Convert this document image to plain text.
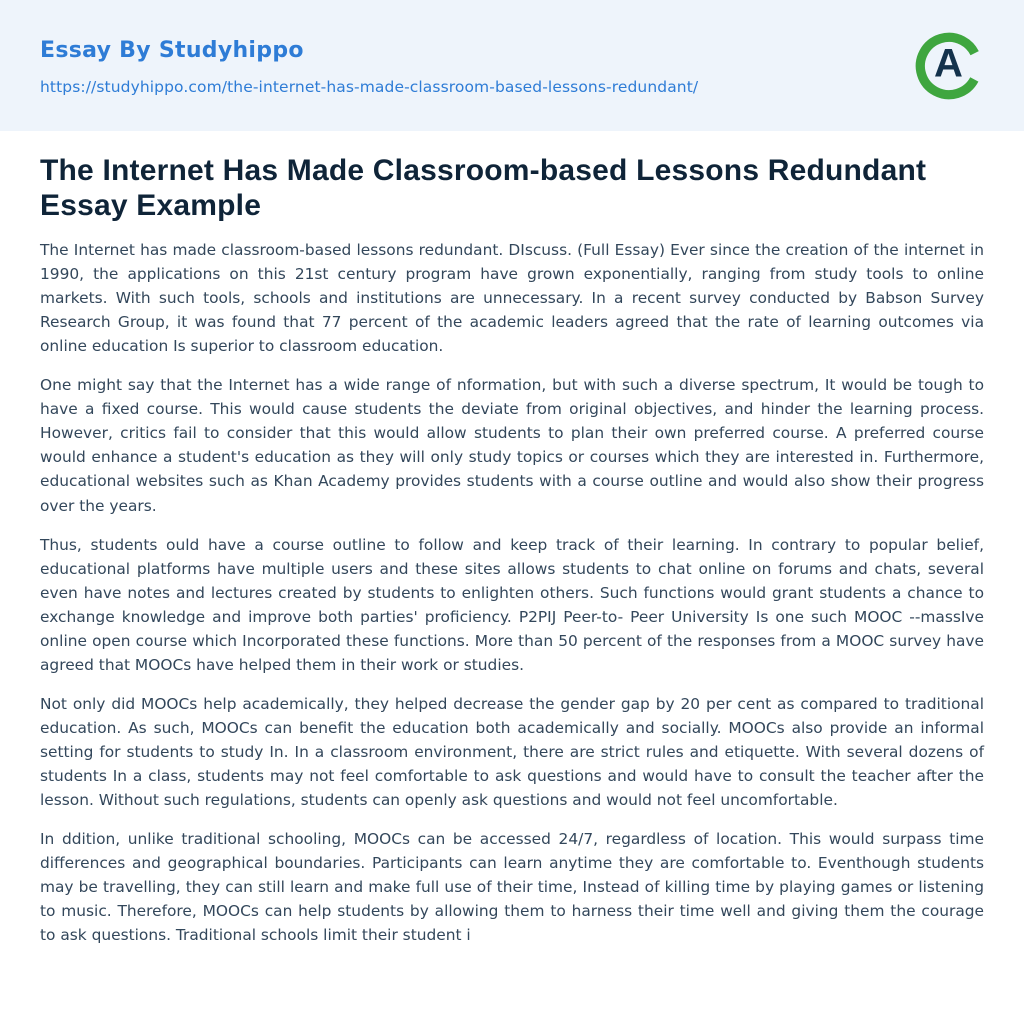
Essay By Studyhippo
https://studyhippo.com/the-internet-has-made-classroom-based-lessons-redundant/
A
The Internet Has Made Classroom-based Lessons Redundant Essay Example

The Internet has made classroom-based lessons redundant. DIscuss. (Full Essay) Ever since the creation of the internet in 1990, the applications on this 21st century program have grown exponentially, ranging from study tools to online markets. With such tools, schools and institutions are unnecessary. In a recent survey conducted by Babson Survey Research Group, it was found that 77 percent of the academic leaders agreed that the rate of learning outcomes via online education Is superior to classroom education.

One might say that the Internet has a wide range of nformation, but with such a diverse spectrum, It would be tough to have a fixed course. This would cause students the deviate from original objectives, and hinder the learning process. However, critics fail to consider that this would allow students to plan their own preferred course. A preferred course would enhance a student's education as they will only study topics or courses which they are interested in. Furthermore, educational websites such as Khan Academy provides students with a course outline and would also show their progress over the years.

Thus, students ould have a course outline to follow and keep track of their learning. In contrary to popular belief, educational platforms have multiple users and these sites allows students to chat online on forums and chats, several even have notes and lectures created by students to enlighten others. Such functions would grant students a chance to exchange knowledge and improve both parties' proficiency. P2PIJ Peer-to- Peer University Is one such MOOC --massIve online open course which Incorporated these functions. More than 50 percent of the responses from a MOOC survey have agreed that MOOCs have helped them in their work or studies.

Not only did MOOCs help academically, they helped decrease the gender gap by 20 per cent as compared to traditional education. As such, MOOCs can benefit the education both academically and socially. MOOCs also provide an informal setting for students to study In. In a classroom environment, there are strict rules and etiquette. With several dozens of students In a class, students may not feel comfortable to ask questions and would have to consult the teacher after the lesson. Without such regulations, students can openly ask questions and would not feel uncomfortable.

In ddition, unlike traditional schooling, MOOCs can be accessed 24/7, regardless of location. This would surpass time differences and geographical boundaries. Participants can learn anytime they are comfortable to. Eventhough students may be travelling, they can still learn and make full use of their time, Instead of killing time by playing games or listening to music. Therefore, MOOCs can help students by allowing them to harness their time well and giving them the courage to ask questions. Traditional schools limit their student i
